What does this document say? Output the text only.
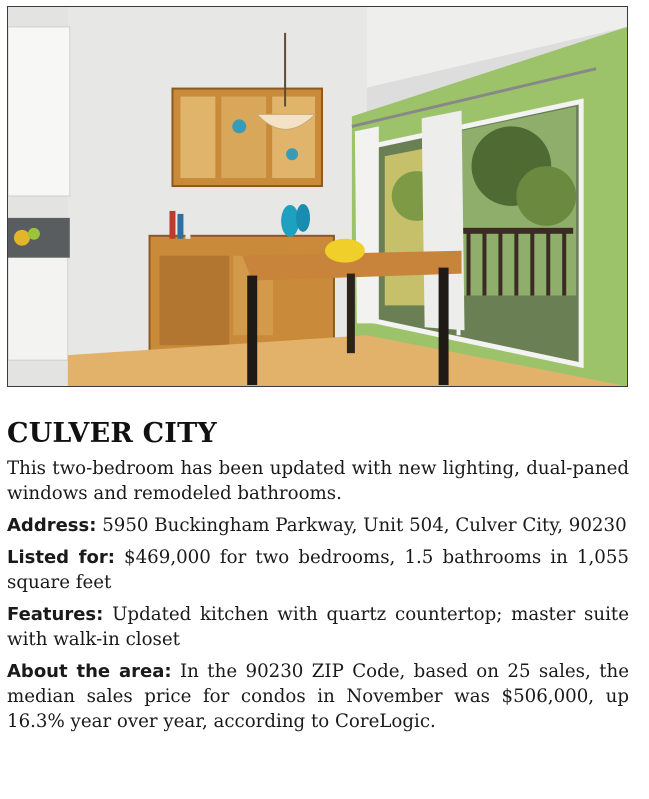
CULVER CITY

This two-bedroom has been updated with new lighting, dual-paned windows and remodeled bathrooms.

Address: 5950 Buckingham Parkway, Unit 504, Culver City, 90230

Listed for: $469,000 for two bedrooms, 1.5 bathrooms in 1,055 square feet

Features: Updated kitchen with quartz countertop; master suite with walk-in closet

About the area: In the 90230 ZIP Code, based on 25 sales, the median sales price for condos in November was $506,000, up 16.3% year over year, according to CoreLogic.
